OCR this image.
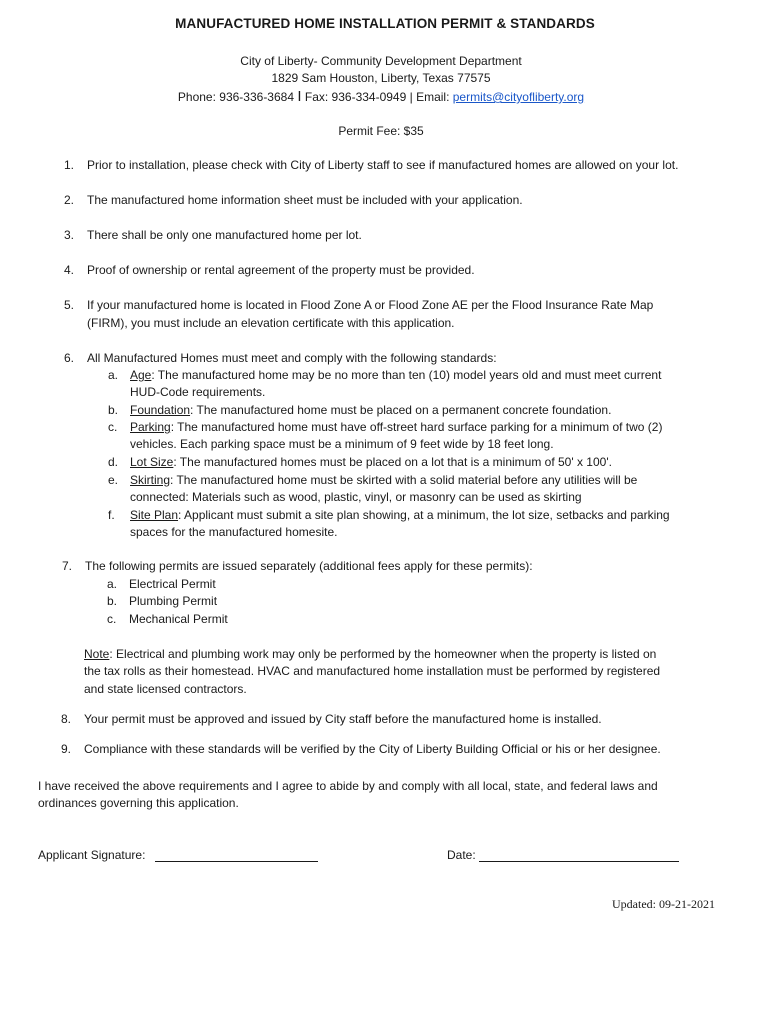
MANUFACTURED HOME INSTALLATION PERMIT & STANDARDS
City of Liberty- Community Development Department
1829 Sam Houston, Liberty, Texas 77575
Phone: 936-336-3684 I Fax: 936-334-0949 | Email: permits@cityofliberty.org
Permit Fee: $35
1. Prior to installation, please check with City of Liberty staff to see if manufactured homes are allowed on your lot.
2. The manufactured home information sheet must be included with your application.
3. There shall be only one manufactured home per lot.
4. Proof of ownership or rental agreement of the property must be provided.
5. If your manufactured home is located in Flood Zone A or Flood Zone AE per the Flood Insurance Rate Map
(FIRM), you must include an elevation certificate with this application.
6. All Manufactured Homes must meet and comply with the following standards:
a. Age: The manufactured home may be no more than ten (10) model years old and must meet current
HUD-Code requirements.
b. Foundation: The manufactured home must be placed on a permanent concrete foundation.
c. Parking: The manufactured home must have off-street hard surface parking for a minimum of two (2)
vehicles. Each parking space must be a minimum of 9 feet wide by 18 feet long.
d. Lot Size: The manufactured homes must be placed on a lot that is a minimum of 50' x 100'.
e. Skirting: The manufactured home must be skirted with a solid material before any utilities will be
connected: Materials such as wood, plastic, vinyl, or masonry can be used as skirting
f. Site Plan: Applicant must submit a site plan showing, at a minimum, the lot size, setbacks and parking
spaces for the manufactured homesite.
7. The following permits are issued separately (additional fees apply for these permits):
a. Electrical Permit
b. Plumbing Permit
c. Mechanical Permit
Note: Electrical and plumbing work may only be performed by the homeowner when the property is listed on
the tax rolls as their homestead. HVAC and manufactured home installation must be performed by registered
and state licensed contractors.
8. Your permit must be approved and issued by City staff before the manufactured home is installed.
9. Compliance with these standards will be verified by the City of Liberty Building Official or his or her designee.
I have received the above requirements and I agree to abide by and comply with all local, state, and federal laws and
ordinances governing this application.
Applicant Signature:	Date:
Updated: 09-21-2021
